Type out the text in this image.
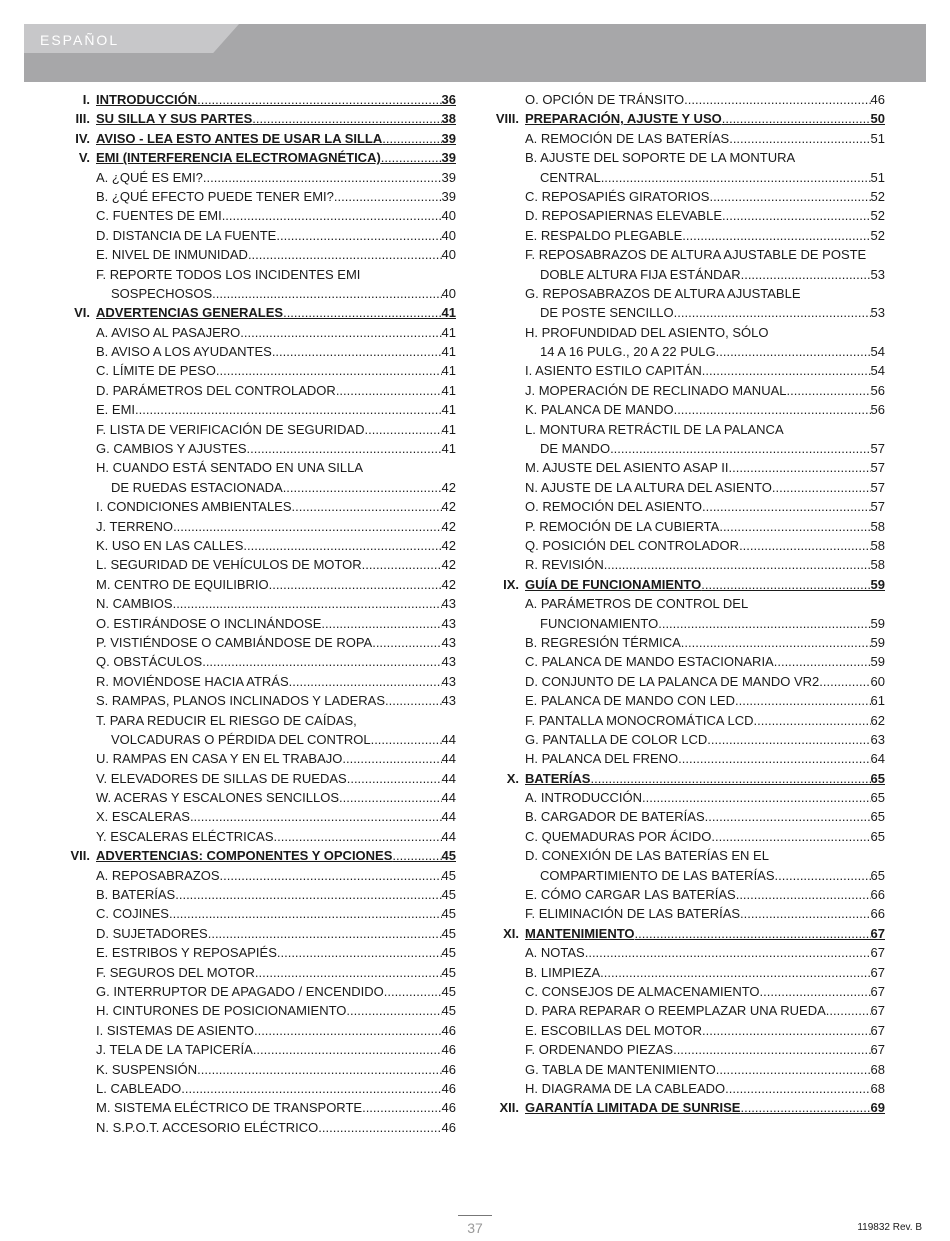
ESPAÑOL
I. INTRODUCCIÓN .....	36
III. SU SILLA Y SUS PARTES .....	38
IV. AVISO - LEA ESTO ANTES DE USAR LA SILLA .....	39
V. EMI (INTERFERENCIA ELECTROMAGNÉTICA) .....	39
A. ¿QUÉ ES EMI? .....	39
B. ¿QUÉ EFECTO PUEDE TENER EMI? .....	39
C. FUENTES DE EMI .....	40
D. DISTANCIA DE LA FUENTE .....	40
E. NIVEL DE INMUNIDAD .....	40
F. REPORTE TODOS LOS INCIDENTES EMI
SOSPECHOSOS .....	40
VI. ADVERTENCIAS GENERALES .....	41
A. AVISO AL PASAJERO .....	41
B. AVISO A LOS AYUDANTES .....	41
C. LÍMITE DE PESO .....	41
D. PARÁMETROS DEL CONTROLADOR .....	41
E. EMI .....	41
F. LISTA DE VERIFICACIÓN DE SEGURIDAD .....	41
G. CAMBIOS Y AJUSTES .....	41
H. CUANDO ESTÁ SENTADO EN UNA SILLA
DE RUEDAS ESTACIONADA .....	42
I. CONDICIONES AMBIENTALES .....	42
J. TERRENO .....	42
K. USO EN LAS CALLES .....	42
L. SEGURIDAD DE VEHÍCULOS DE MOTOR .....	42
M. CENTRO DE EQUILIBRIO .....	42
N. CAMBIOS .....	43
O. ESTIRÁNDOSE O INCLINÁNDOSE .....	43
P. VISTIÉNDOSE O CAMBIÁNDOSE DE ROPA .....	43
Q. OBSTÁCULOS .....	43
R. MOVIÉNDOSE HACIA ATRÁS .....	43
S. RAMPAS, PLANOS INCLINADOS Y LADERAS .....	43
T. PARA REDUCIR EL RIESGO DE CAÍDAS,
VOLCADURAS O PÉRDIDA DEL CONTROL .....	44
U. RAMPAS EN CASA Y EN EL TRABAJO .....	44
V. ELEVADORES DE SILLAS DE RUEDAS .....	44
W. ACERAS Y ESCALONES SENCILLOS .....	44
X. ESCALERAS .....	44
Y. ESCALERAS ELÉCTRICAS .....	44
VII. ADVERTENCIAS: COMPONENTES Y OPCIONES .....	45
A. REPOSABRAZOS .....	45
B. BATERÍAS .....	45
C. COJINES .....	45
D. SUJETADORES .....	45
E. ESTRIBOS Y REPOSAPIÉS .....	45
F. SEGUROS DEL MOTOR .....	45
G. INTERRUPTOR DE APAGADO / ENCENDIDO .....	45
H. CINTURONES DE POSICIONAMIENTO .....	45
I. SISTEMAS DE ASIENTO .....	46
J. TELA DE LA TAPICERÍA .....	46
K. SUSPENSIÓN .....	46
L. CABLEADO .....	46
M. SISTEMA ELÉCTRICO DE TRANSPORTE .....	46
N. S.P.O.T. ACCESORIO ELÉCTRICO .....	46
O. OPCIÓN DE TRÁNSITO. .....	46
VIII. PREPARACIÓN, AJUSTE Y USO .....	50
A. REMOCIÓN DE LAS BATERÍAS .....	51
B. AJUSTE DEL SOPORTE DE LA MONTURA
CENTRAL .....	51
C. REPOSAPIÉS GIRATORIOS .....	52
D. REPOSAPIERNAS ELEVABLE .....	52
E. RESPALDO PLEGABLE .....	52
F. REPOSABRAZOS DE ALTURA AJUSTABLE DE POSTE
DOBLE ALTURA FIJA ESTÁNDAR .....	53
G. REPOSABRAZOS DE ALTURA AJUSTABLE
DE POSTE SENCILLO .....	53
H. PROFUNDIDAD DEL ASIENTO, SÓLO
14 A 16 PULG., 20 A 22 PULG. .....	54
I. ASIENTO ESTILO CAPITÁN .....	54
J. MOPERACIÓN DE RECLINADO MANUAL .....	56
K. PALANCA DE MANDO .....	56
L. MONTURA RETRÁCTIL DE LA PALANCA
DE MANDO .....	57
M. AJUSTE DEL ASIENTO ASAP II .....	57
N. AJUSTE DE LA ALTURA DEL ASIENTO .....	57
O. REMOCIÓN DEL ASIENTO .....	57
P. REMOCIÓN DE LA CUBIERTA .....	58
Q. POSICIÓN DEL CONTROLADOR .....	58
R. REVISIÓN .....	58
IX. GUÍA DE FUNCIONAMIENTO .....	59
A. PARÁMETROS DE CONTROL DEL
FUNCIONAMIENTO .....	59
B. REGRESIÓN TÉRMICA .....	59
C. PALANCA DE MANDO ESTACIONARIA .....	59
D. CONJUNTO DE LA PALANCA DE MANDO VR2 .....	60
E. PALANCA DE MANDO CON LED .....	61
F. PANTALLA MONOCROMÁTICA LCD .....	62
G. PANTALLA DE COLOR LCD .....	63
H. PALANCA DEL FRENO .....	64
X. BATERÍAS .....	65
A. INTRODUCCIÓN .....	65
B. CARGADOR DE BATERÍAS .....	65
C. QUEMADURAS POR ÁCIDO .....	65
D. CONEXIÓN DE LAS BATERÍAS EN EL
COMPARTIMIENTO DE LAS BATERÍAS .....	65
E. CÓMO CARGAR LAS BATERÍAS .....	66
F. ELIMINACIÓN DE LAS BATERÍAS .....	66
XI. MANTENIMIENTO .....	67
A. NOTAS .....	67
B. LIMPIEZA .....	67
C. CONSEJOS DE ALMACENAMIENTO .....	67
D. PARA REPARAR O REEMPLAZAR UNA RUEDA .....	67
E. ESCOBILLAS DEL MOTOR .....	67
F. ORDENANDO PIEZAS .....	67
G. TABLA DE MANTENIMIENTO .....	68
H. DIAGRAMA DE LA CABLEADO .....	68
XII. GARANTÍA LIMITADA DE SUNRISE .....	69
37	119832 Rev. B
